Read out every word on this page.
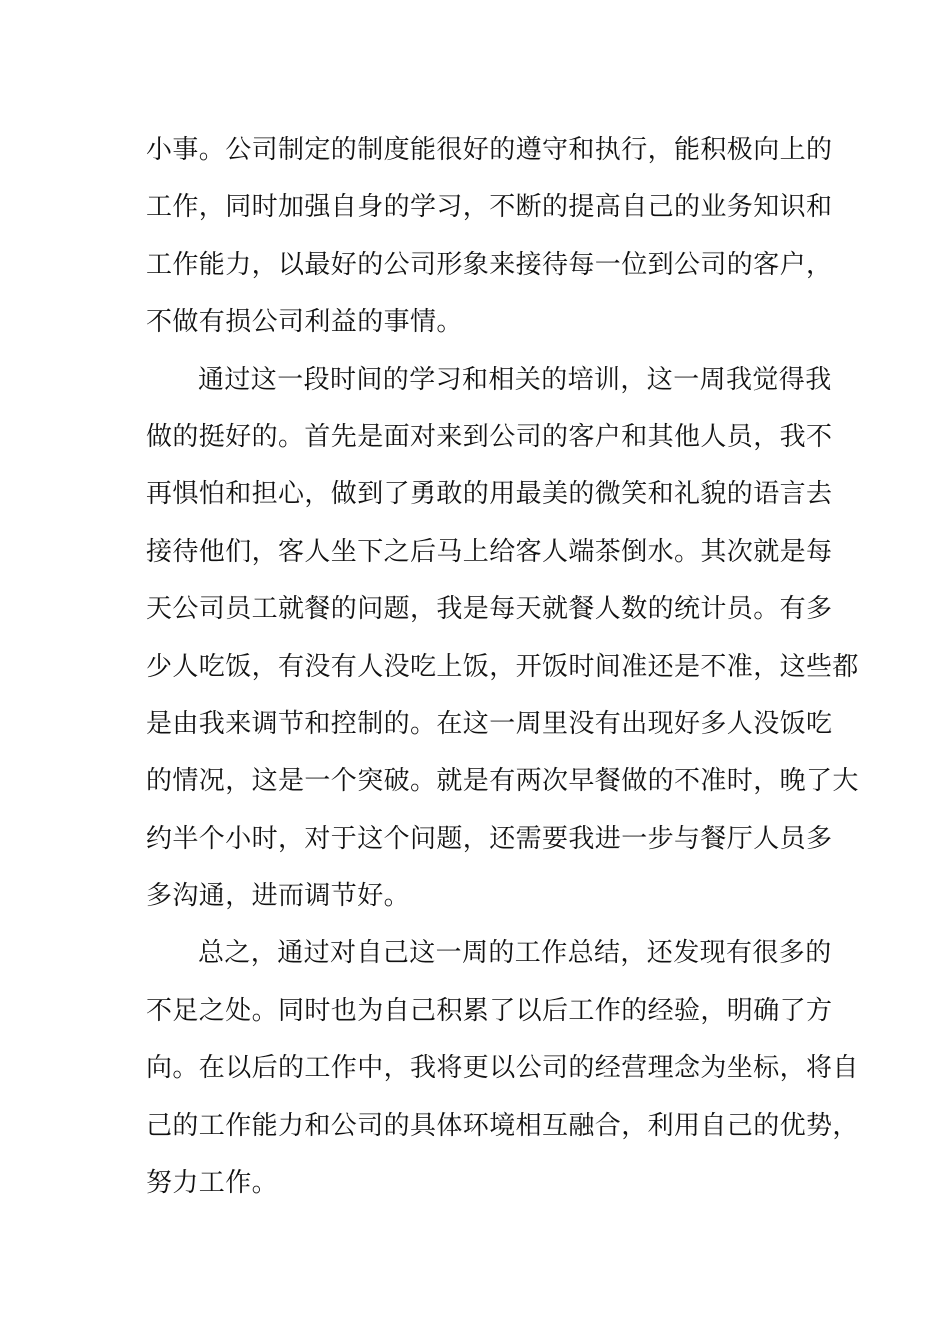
小事。公司制定的制度能很好的遵守和执行，能积极向上的
工作，同时加强自身的学习，不断的提高自己的业务知识和
工作能力，以最好的公司形象来接待每一位到公司的客户，
不做有损公司利益的事情。
通过这一段时间的学习和相关的培训，这一周我觉得我
做的挺好的。首先是面对来到公司的客户和其他人员，我不
再惧怕和担心，做到了勇敢的用最美的微笑和礼貌的语言去
接待他们，客人坐下之后马上给客人端茶倒水。其次就是每
天公司员工就餐的问题，我是每天就餐人数的统计员。有多
少人吃饭，有没有人没吃上饭，开饭时间准还是不准，这些都
是由我来调节和控制的。在这一周里没有出现好多人没饭吃
的情况，这是一个突破。就是有两次早餐做的不准时，晚了大
约半个小时，对于这个问题，还需要我进一步与餐厅人员多
多沟通，进而调节好。
总之，通过对自己这一周的工作总结，还发现有很多的
不足之处。同时也为自己积累了以后工作的经验，明确了方
向。在以后的工作中，我将更以公司的经营理念为坐标，将自
己的工作能力和公司的具体环境相互融合，利用自己的优势，
努力工作。
